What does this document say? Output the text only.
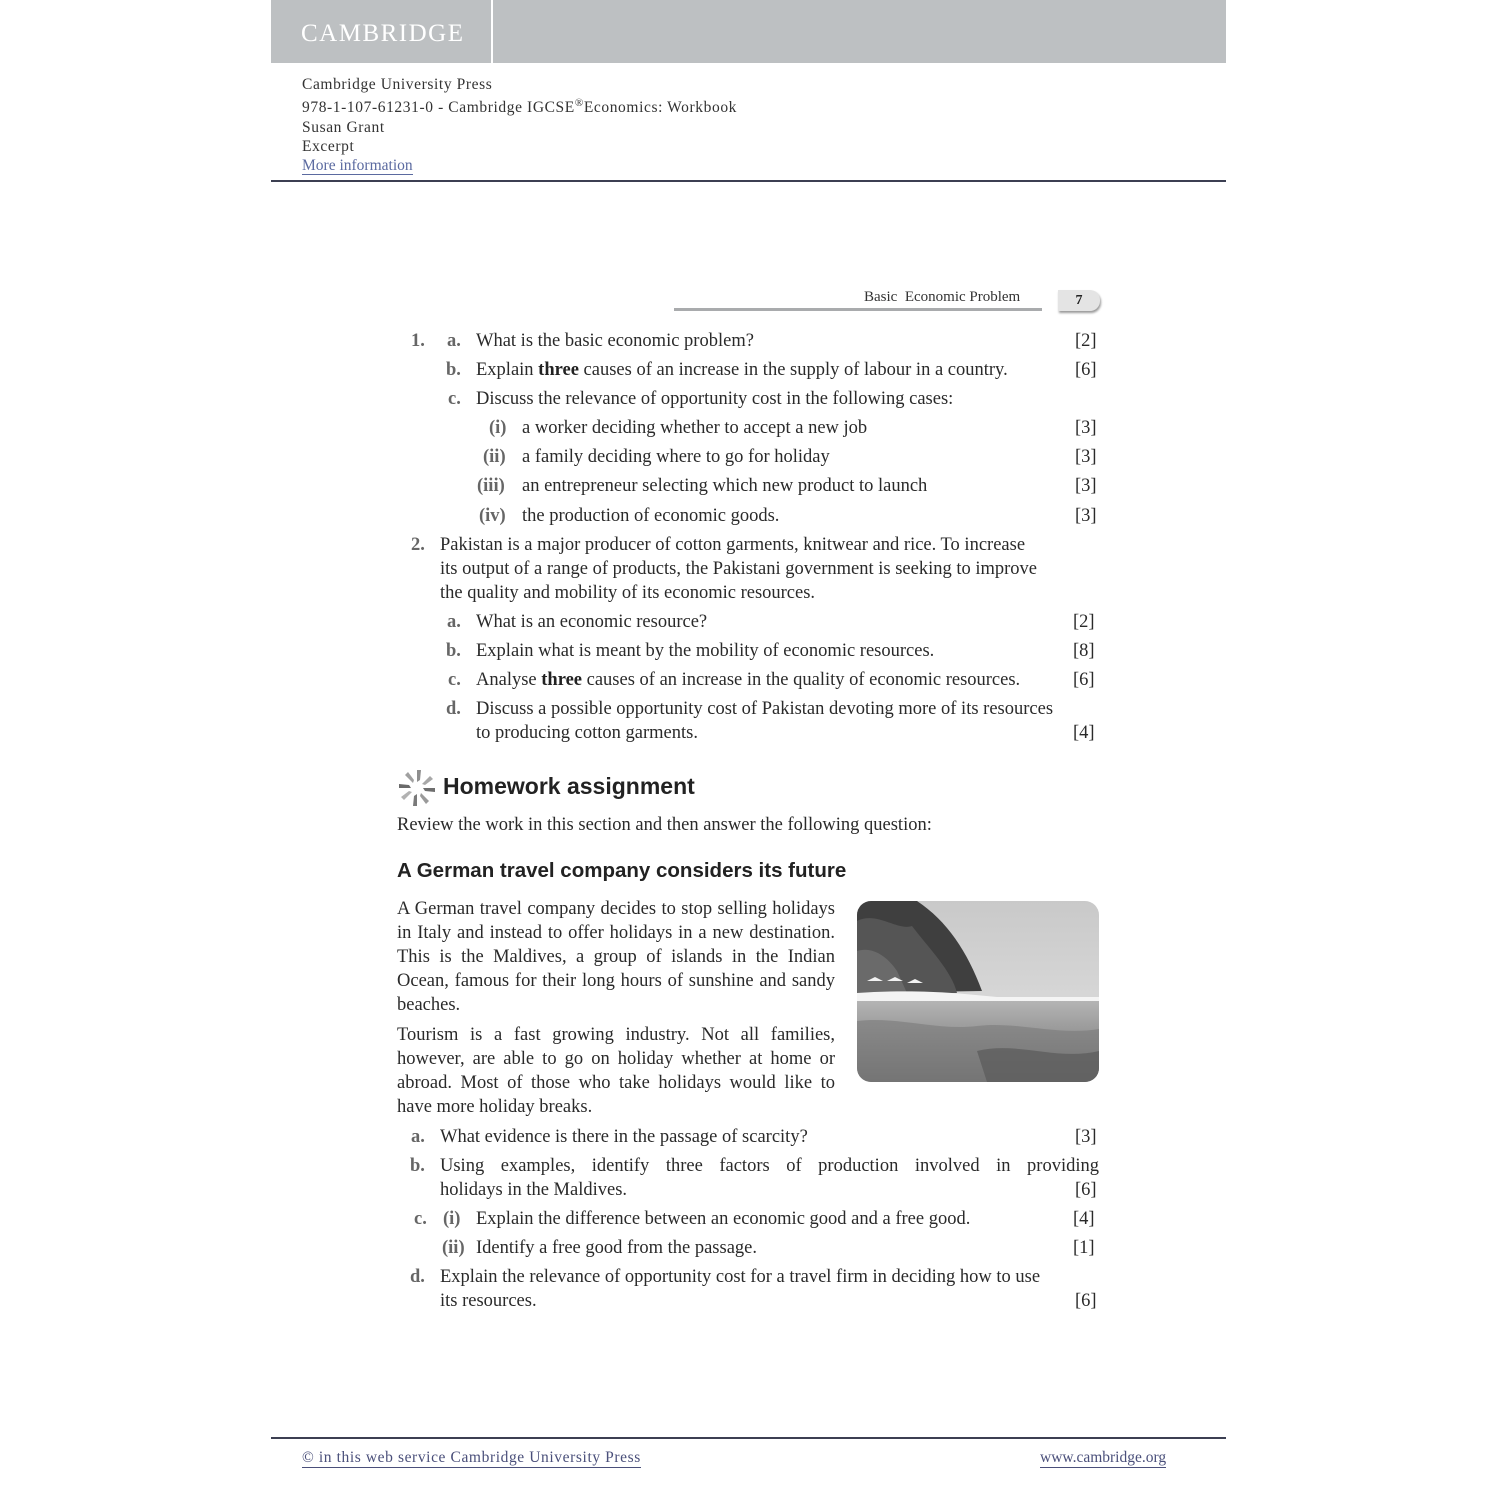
CAMBRIDGE
Cambridge University Press
978-1-107-61231-0 - Cambridge IGCSE®Economics: Workbook
Susan Grant
Excerpt
More information
Basic  Economic Problem	7
1. a. What is the basic economic problem?	[2]
b. Explain three causes of an increase in the supply of labour in a country.	[6]
c. Discuss the relevance of opportunity cost in the following cases:
(i) a worker deciding whether to accept a new job	[3]
(ii) a family deciding where to go for holiday	[3]
(iii) an entrepreneur selecting which new product to launch	[3]
(iv) the production of economic goods.	[3]
2. Pakistan is a major producer of cotton garments, knitwear and rice. To increase
its output of a range of products, the Pakistani government is seeking to improve
the quality and mobility of its economic resources.
a. What is an economic resource?	[2]
b. Explain what is meant by the mobility of economic resources.	[8]
c. Analyse three causes of an increase in the quality of economic resources.	[6]
d. Discuss a possible opportunity cost of Pakistan devoting more of its resources
to producing cotton garments.	[4]
Homework assignment
Review the work in this section and then answer the following question:
A German travel company considers its future
A German travel company decides to stop selling holidays in Italy and instead to offer holidays in a new destination. This is the Maldives, a group of islands in the Indian Ocean, famous for their long hours of sunshine and sandy beaches.
Tourism is a fast growing industry. Not all families, however, are able to go on holiday whether at home or abroad. Most of those who take holidays would like to have more holiday breaks.
a. What evidence is there in the passage of scarcity?	[3]
b. Using examples, identify three factors of production involved in providing
holidays in the Maldives.	[6]
c. (i) Explain the difference between an economic good and a free good.	[4]
(ii) Identify a free good from the passage.	[1]
d. Explain the relevance of opportunity cost for a travel firm in deciding how to use
its resources.	[6]
© in this web service Cambridge University Press	www.cambridge.org
